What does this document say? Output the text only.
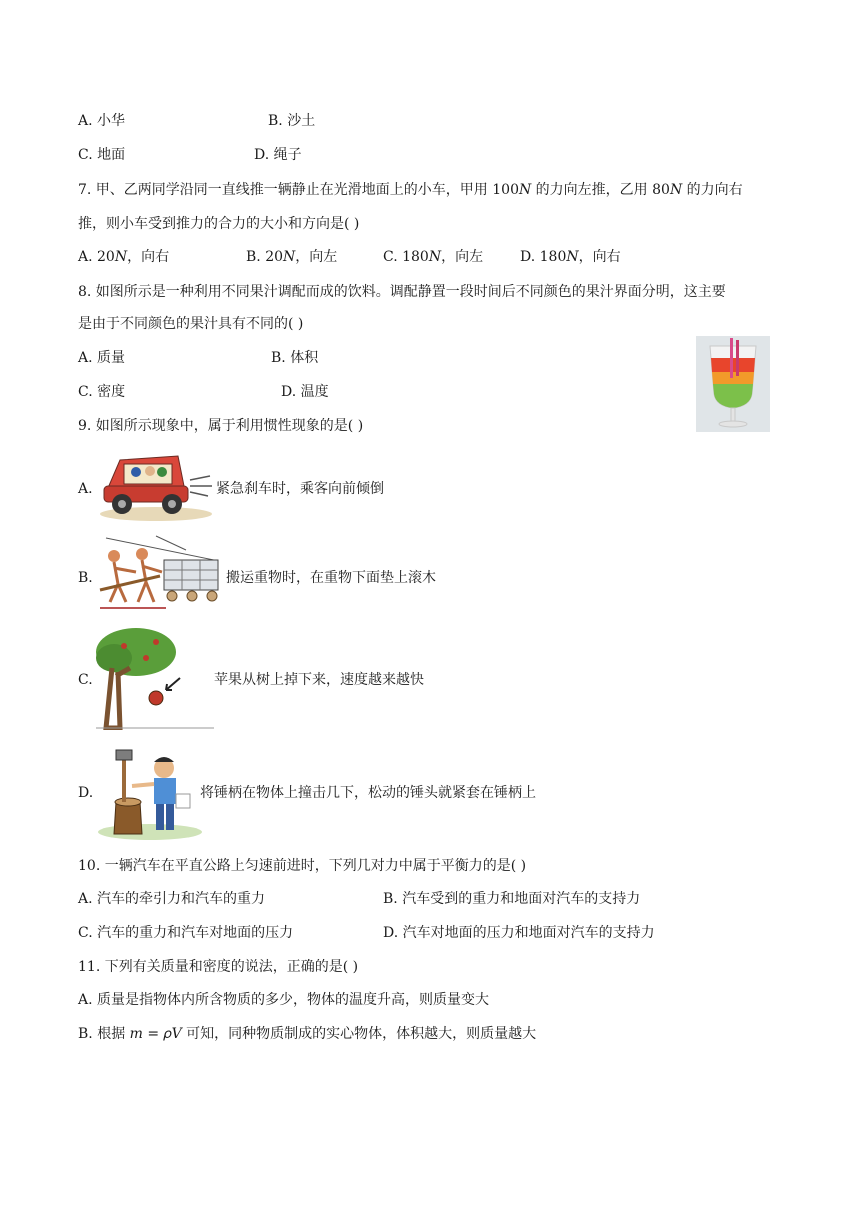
A. 小华	B. 沙土
C. 地面	D. 绳子
7. 甲、乙两同学沿同一直线推一辆静止在光滑地面上的小车，甲用 100𝑁 的力向左推，乙用 80𝑁 的力向右
推，则小车受到推力的合力的大小和方向是( )
A. 20𝑁，向右	B. 20𝑁，向左	C. 180𝑁，向左	D. 180𝑁，向右
8. 如图所示是一种利用不同果汁调配而成的饮料。调配静置一段时间后不同颜色的果汁界面分明，这主要
是由于不同颜色的果汁具有不同的( )
A. 质量	B. 体积
C. 密度	D. 温度
9. 如图所示现象中，属于利用惯性现象的是( )
A.	紧急刹车时，乘客向前倾倒
B.	搬运重物时，在重物下面垫上滚木
C.	苹果从树上掉下来，速度越来越快
D.	将锤柄在物体上撞击几下，松动的锤头就紧套在锤柄上
10. 一辆汽车在平直公路上匀速前进时，下列几对力中属于平衡力的是( )
A. 汽车的牵引力和汽车的重力	B. 汽车受到的重力和地面对汽车的支持力
C. 汽车的重力和汽车对地面的压力	D. 汽车对地面的压力和地面对汽车的支持力
11. 下列有关质量和密度的说法，正确的是( )
A. 质量是指物体内所含物质的多少，物体的温度升高，则质量变大
B. 根据 𝑚 = 𝜌𝑉 可知，同种物质制成的实心物体，体积越大，则质量越大
